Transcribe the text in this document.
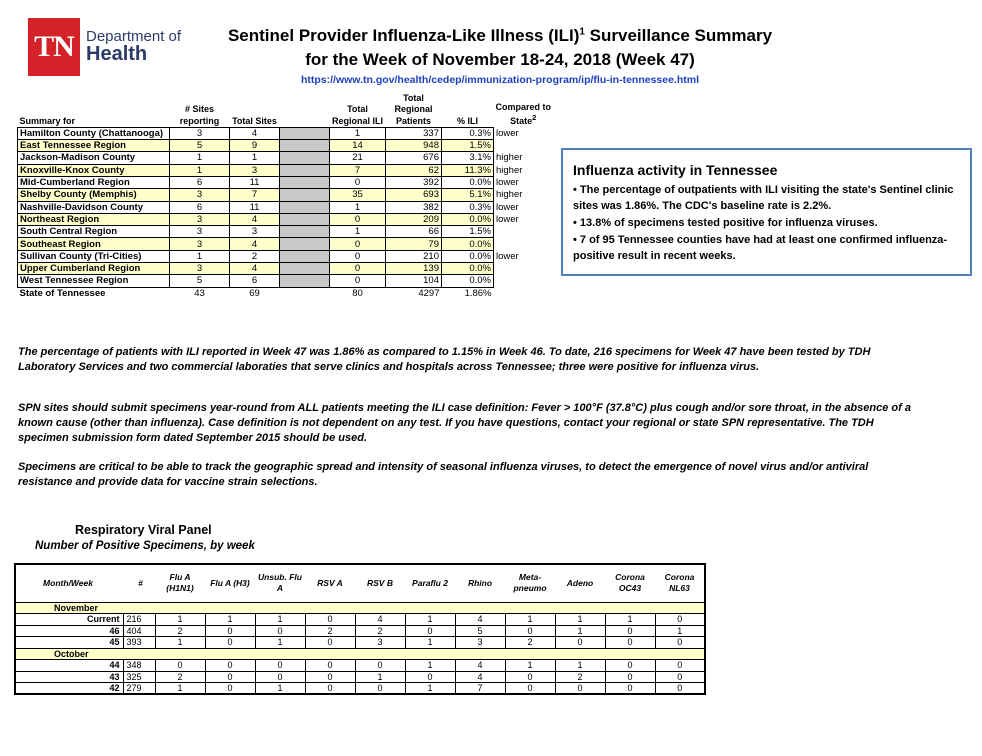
TN Department of
Health
Sentinel Provider Influenza-Like Illness (ILI)$^1$ Surveillance Summary
for the Week of November 18-24, 2018 (Week 47)
https://www.tn.gov/health/cedep/immunization-program/ip/flu-in-tennessee.html
Summary for	# Sites reporting	Total Sites		Total Regional ILI	Total Regional Patients	% ILI	Compared to State$^2$
Hamilton County (Chattanooga)	3	4		1	337	0.3%	lower
East Tennessee Region	5	9		14	948	1.5%	
Jackson-Madison County	1	1		21	676	3.1%	higher
Knoxville-Knox County	1	3		7	62	11.3%	higher
Mid-Cumberland Region	6	11		0	392	0.0%	lower
Shelby County (Memphis)	3	7		35	693	5.1%	higher
Nashville-Davidson County	6	11		1	382	0.3%	lower
Northeast Region	3	4		0	209	0.0%	lower
South Central Region	3	3		1	66	1.5%	
Southeast Region	3	4		0	79	0.0%	
Sullivan County (Tri-Cities)	1	2		0	210	0.0%	lower
Upper Cumberland Region	3	4		0	139	0.0%	
West Tennessee Region	5	6		0	104	0.0%	
State of Tennessee	43	69		80	4297	1.86%	
Influenza activity in Tennessee
• The percentage of outpatients with ILI visiting the state's Sentinel clinic sites was 1.86%. The CDC's baseline rate is 2.2%.
• 13.8% of specimens tested positive for influenza viruses.
• 7 of 95 Tennessee counties have had at least one confirmed influenza-positive result in recent weeks.
The percentage of patients with ILI reported in Week 47 was 1.86% as compared to 1.15% in Week 46. To date, 216 specimens for Week 47 have been tested by TDH Laboratory Services and two commercial laboraties that serve clinics and hospitals across Tennessee; three were positive for influenza virus.
SPN sites should submit specimens year-round from ALL patients meeting the ILI case definition: Fever > 100°F (37.8°C) plus cough and/or sore throat, in the absence of a known cause (other than influenza). Case definition is not dependent on any test. If you have questions, contact your regional or state SPN representative. The TDH specimen submission form dated September 2015 should be used.
Specimens are critical to be able to track the geographic spread and intensity of seasonal influenza viruses, to detect the emergence of novel virus and/or antiviral resistance and provide data for vaccine strain selections.
Respiratory Viral Panel
Number of Positive Specimens, by week
Month/Week	#	Flu A (H1N1)	Flu A (H3)	Unsub. Flu A	RSV A	RSV B	Paraflu 2	Rhino	Meta-pneumo	Adeno	Corona OC43	Corona NL63
November												
Current	216	1	1	1	0	4	1	4	1	1	1	0
46	404	2	0	0	2	2	0	5	0	1	0	1
45	393	1	0	1	0	3	1	3	2	0	0	0
October												
44	348	0	0	0	0	0	1	4	1	1	0	0
43	325	2	0	0	0	1	0	4	0	2	0	0
42	279	1	0	1	0	0	1	7	0	0	0	0
